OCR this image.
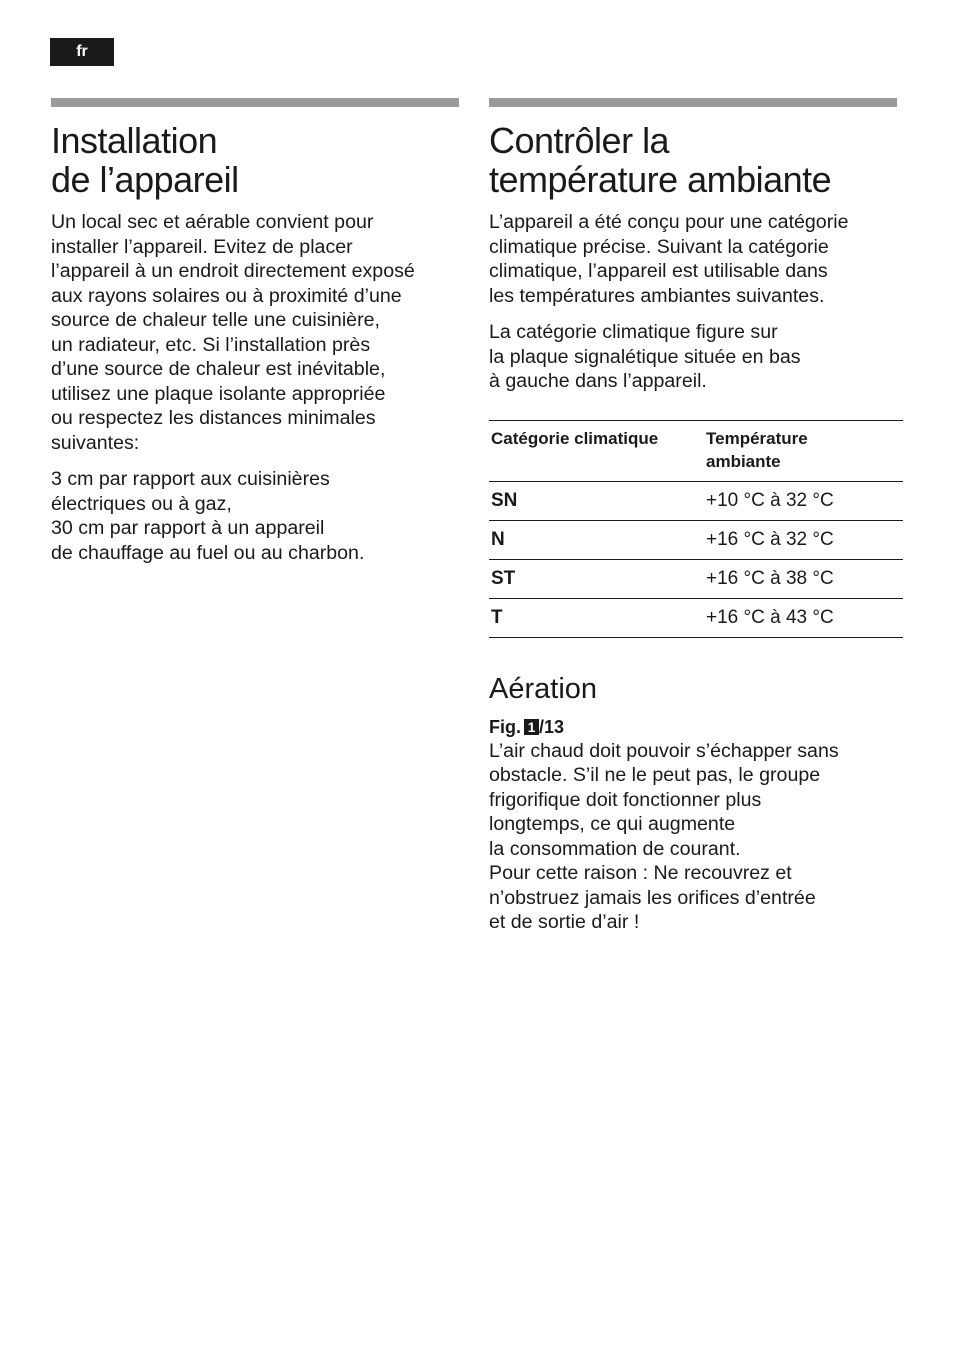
fr
Installation
de l’appareil

Un local sec et aérable convient pour
installer l’appareil. Evitez de placer
l’appareil à un endroit directement exposé
aux rayons solaires ou à proximité d’une
source de chaleur telle une cuisinière,
un radiateur, etc. Si l’installation près
d’une source de chaleur est inévitable,
utilisez une plaque isolante appropriée
ou respectez les distances minimales
suivantes:

3 cm par rapport aux cuisinières
électriques ou à gaz,
30 cm par rapport à un appareil
de chauffage au fuel ou au charbon.

Contrôler la
température ambiante

L’appareil a été conçu pour une catégorie
climatique précise. Suivant la catégorie
climatique, l’appareil est utilisable dans
les températures ambiantes suivantes.

La catégorie climatique figure sur
la plaque signalétique située en bas
à gauche dans l’appareil.

Catégorie climatique	Température
ambiante
SN	+10 °C à 32 °C
N	+16 °C à 32 °C
ST	+16 °C à 38 °C
T	+16 °C à 43 °C
Aération
Fig. 1 /13

L’air chaud doit pouvoir s’échapper sans
obstacle. S’il ne le peut pas, le groupe
frigorifique doit fonctionner plus
longtemps, ce qui augmente
la consommation de courant.
Pour cette raison : Ne recouvrez et
n’obstruez jamais les orifices d’entrée
et de sortie d’air !
